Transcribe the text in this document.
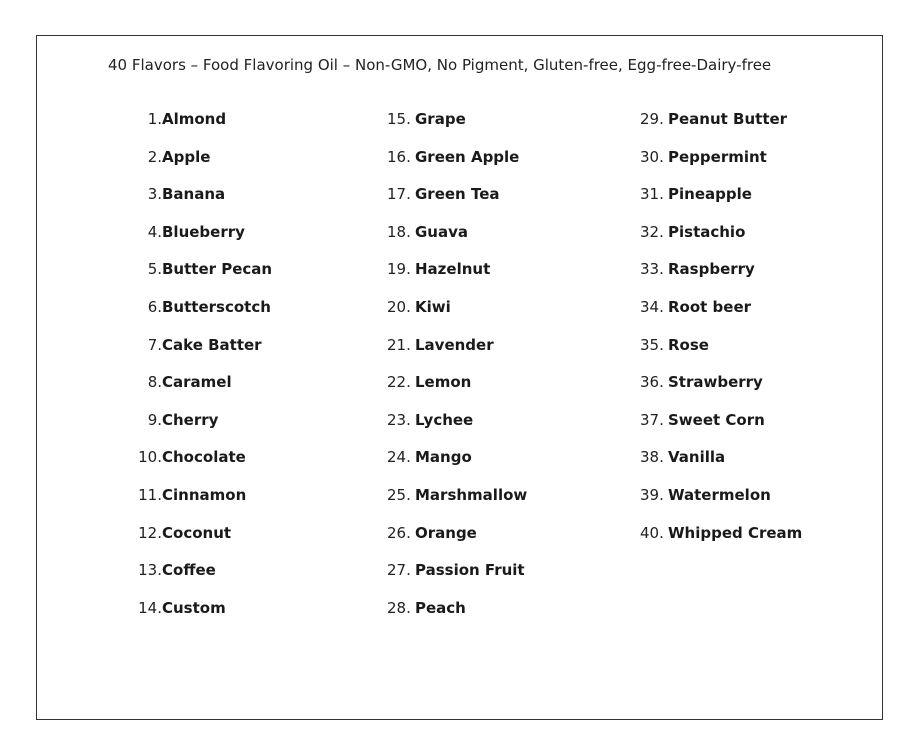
40 Flavors – Food Flavoring Oil – Non-GMO, No Pigment, Gluten-free, Egg-free-Dairy-free
1.Almond
2.Apple
3.Banana
4.Blueberry
5.Butter Pecan
6.Butterscotch
7.Cake Batter
8.Caramel
9.Cherry
10.Chocolate
11.Cinnamon
12.Coconut
13.Coffee
14.Custom
15. Grape
16. Green Apple
17. Green Tea
18. Guava
19. Hazelnut
20. Kiwi
21. Lavender
22. Lemon
23. Lychee
24. Mango
25. Marshmallow
26. Orange
27. Passion Fruit
28. Peach
29. Peanut Butter
30. Peppermint
31. Pineapple
32. Pistachio
33. Raspberry
34. Root beer
35. Rose
36. Strawberry
37. Sweet Corn
38. Vanilla
39. Watermelon
40. Whipped Cream
